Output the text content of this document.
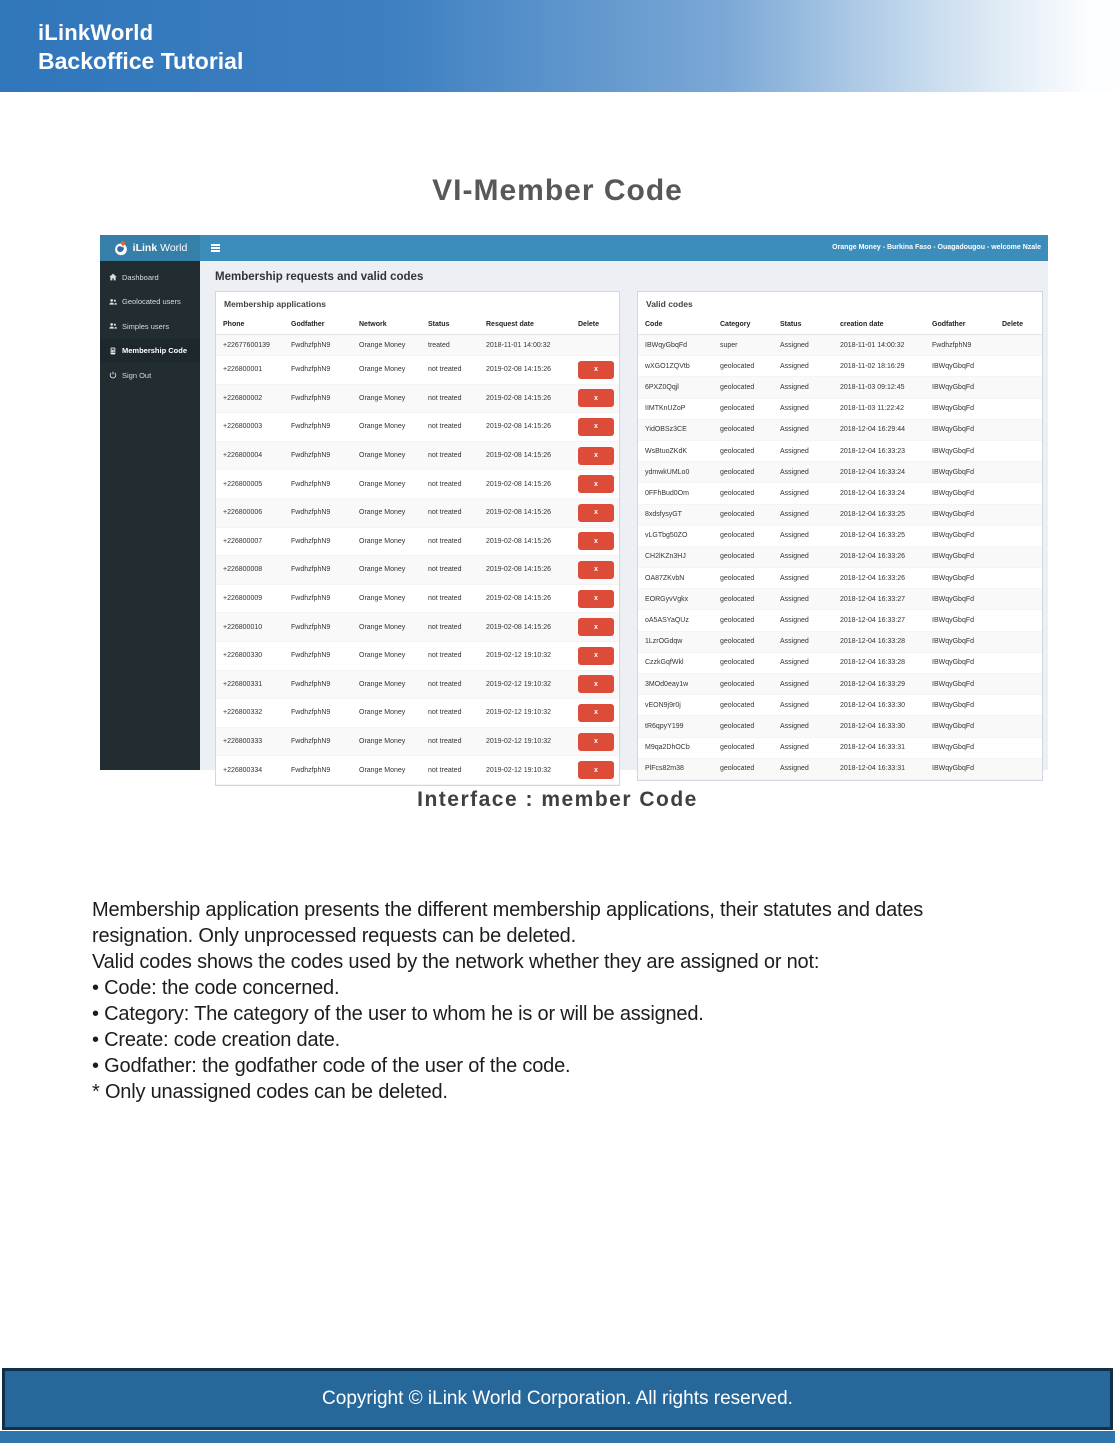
iLinkWorld
Backoffice Tutorial
VI-Member Code
iLink World	Orange Money - Burkina Faso - Ouagadougou - welcome Nzale
Dashboard
Geolocated users
Simples users
Membership Code
Sign Out
Membership requests and valid codes
Membership applications
Phone	Godfather	Network	Status	Resquest date	Delete
+22677600139	FwdhzfphN9	Orange Money	treated	2018-11-01 14:00:32
+226800001	FwdhzfphN9	Orange Money	not treated	2019-02-08 14:15:26	x
+226800002	FwdhzfphN9	Orange Money	not treated	2019-02-08 14:15:26	x
+226800003	FwdhzfphN9	Orange Money	not treated	2019-02-08 14:15:26	x
+226800004	FwdhzfphN9	Orange Money	not treated	2019-02-08 14:15:26	x
+226800005	FwdhzfphN9	Orange Money	not treated	2019-02-08 14:15:26	x
+226800006	FwdhzfphN9	Orange Money	not treated	2019-02-08 14:15:26	x
+226800007	FwdhzfphN9	Orange Money	not treated	2019-02-08 14:15:26	x
+226800008	FwdhzfphN9	Orange Money	not treated	2019-02-08 14:15:26	x
+226800009	FwdhzfphN9	Orange Money	not treated	2019-02-08 14:15:26	x
+226800010	FwdhzfphN9	Orange Money	not treated	2019-02-08 14:15:26	x
+226800330	FwdhzfphN9	Orange Money	not treated	2019-02-12 19:10:32	x
+226800331	FwdhzfphN9	Orange Money	not treated	2019-02-12 19:10:32	x
+226800332	FwdhzfphN9	Orange Money	not treated	2019-02-12 19:10:32	x
+226800333	FwdhzfphN9	Orange Money	not treated	2019-02-12 19:10:32	x
+226800334	FwdhzfphN9	Orange Money	not treated	2019-02-12 19:10:32	x
Valid codes
Code	Category	Status	creation date	Godfather	Delete
IBWqyGbqFd	super	Assigned	2018-11-01 14:00:32	FwdhzfphN9
wXGO1ZQVtb	geolocated	Assigned	2018-11-02 18:16:29	IBWqyGbqFd
6PXZ0Qqjl	geolocated	Assigned	2018-11-03 09:12:45	IBWqyGbqFd
IIMTKnUZoP	geolocated	Assigned	2018-11-03 11:22:42	IBWqyGbqFd
YidOBSz3CE	geolocated	Assigned	2018-12-04 16:29:44	IBWqyGbqFd
WsBtuoZKdK	geolocated	Assigned	2018-12-04 16:33:23	IBWqyGbqFd
ydmwkUMLo0	geolocated	Assigned	2018-12-04 16:33:24	IBWqyGbqFd
0FFhBud0Om	geolocated	Assigned	2018-12-04 16:33:24	IBWqyGbqFd
8xdsfysyGT	geolocated	Assigned	2018-12-04 16:33:25	IBWqyGbqFd
vLGTbg50ZO	geolocated	Assigned	2018-12-04 16:33:25	IBWqyGbqFd
CH2lKZn3HJ	geolocated	Assigned	2018-12-04 16:33:26	IBWqyGbqFd
OA87ZKvbN	geolocated	Assigned	2018-12-04 16:33:26	IBWqyGbqFd
EORGyvVgkx	geolocated	Assigned	2018-12-04 16:33:27	IBWqyGbqFd
oA5ASYaQUz	geolocated	Assigned	2018-12-04 16:33:27	IBWqyGbqFd
1LzrOGdqw	geolocated	Assigned	2018-12-04 16:33:28	IBWqyGbqFd
CzzkGqfWkl	geolocated	Assigned	2018-12-04 16:33:28	IBWqyGbqFd
3MOd0eay1w	geolocated	Assigned	2018-12-04 16:33:29	IBWqyGbqFd
vEON9j9r0j	geolocated	Assigned	2018-12-04 16:33:30	IBWqyGbqFd
tR6qpyY199	geolocated	Assigned	2018-12-04 16:33:30	IBWqyGbqFd
M9qa2DhOCb	geolocated	Assigned	2018-12-04 16:33:31	IBWqyGbqFd
PlFcs82m38	geolocated	Assigned	2018-12-04 16:33:31	IBWqyGbqFd
Interface : member Code
Membership application presents the different membership applications, their statutes and dates
resignation. Only unprocessed requests can be deleted.
Valid codes shows the codes used by the network whether they are assigned or not:
• Code: the code concerned.
• Category: The category of the user to whom he is or will be assigned.
• Create: code creation date.
• Godfather: the godfather code of the user of the code.
* Only unassigned codes can be deleted.
Copyright © iLink World Corporation. All rights reserved.
